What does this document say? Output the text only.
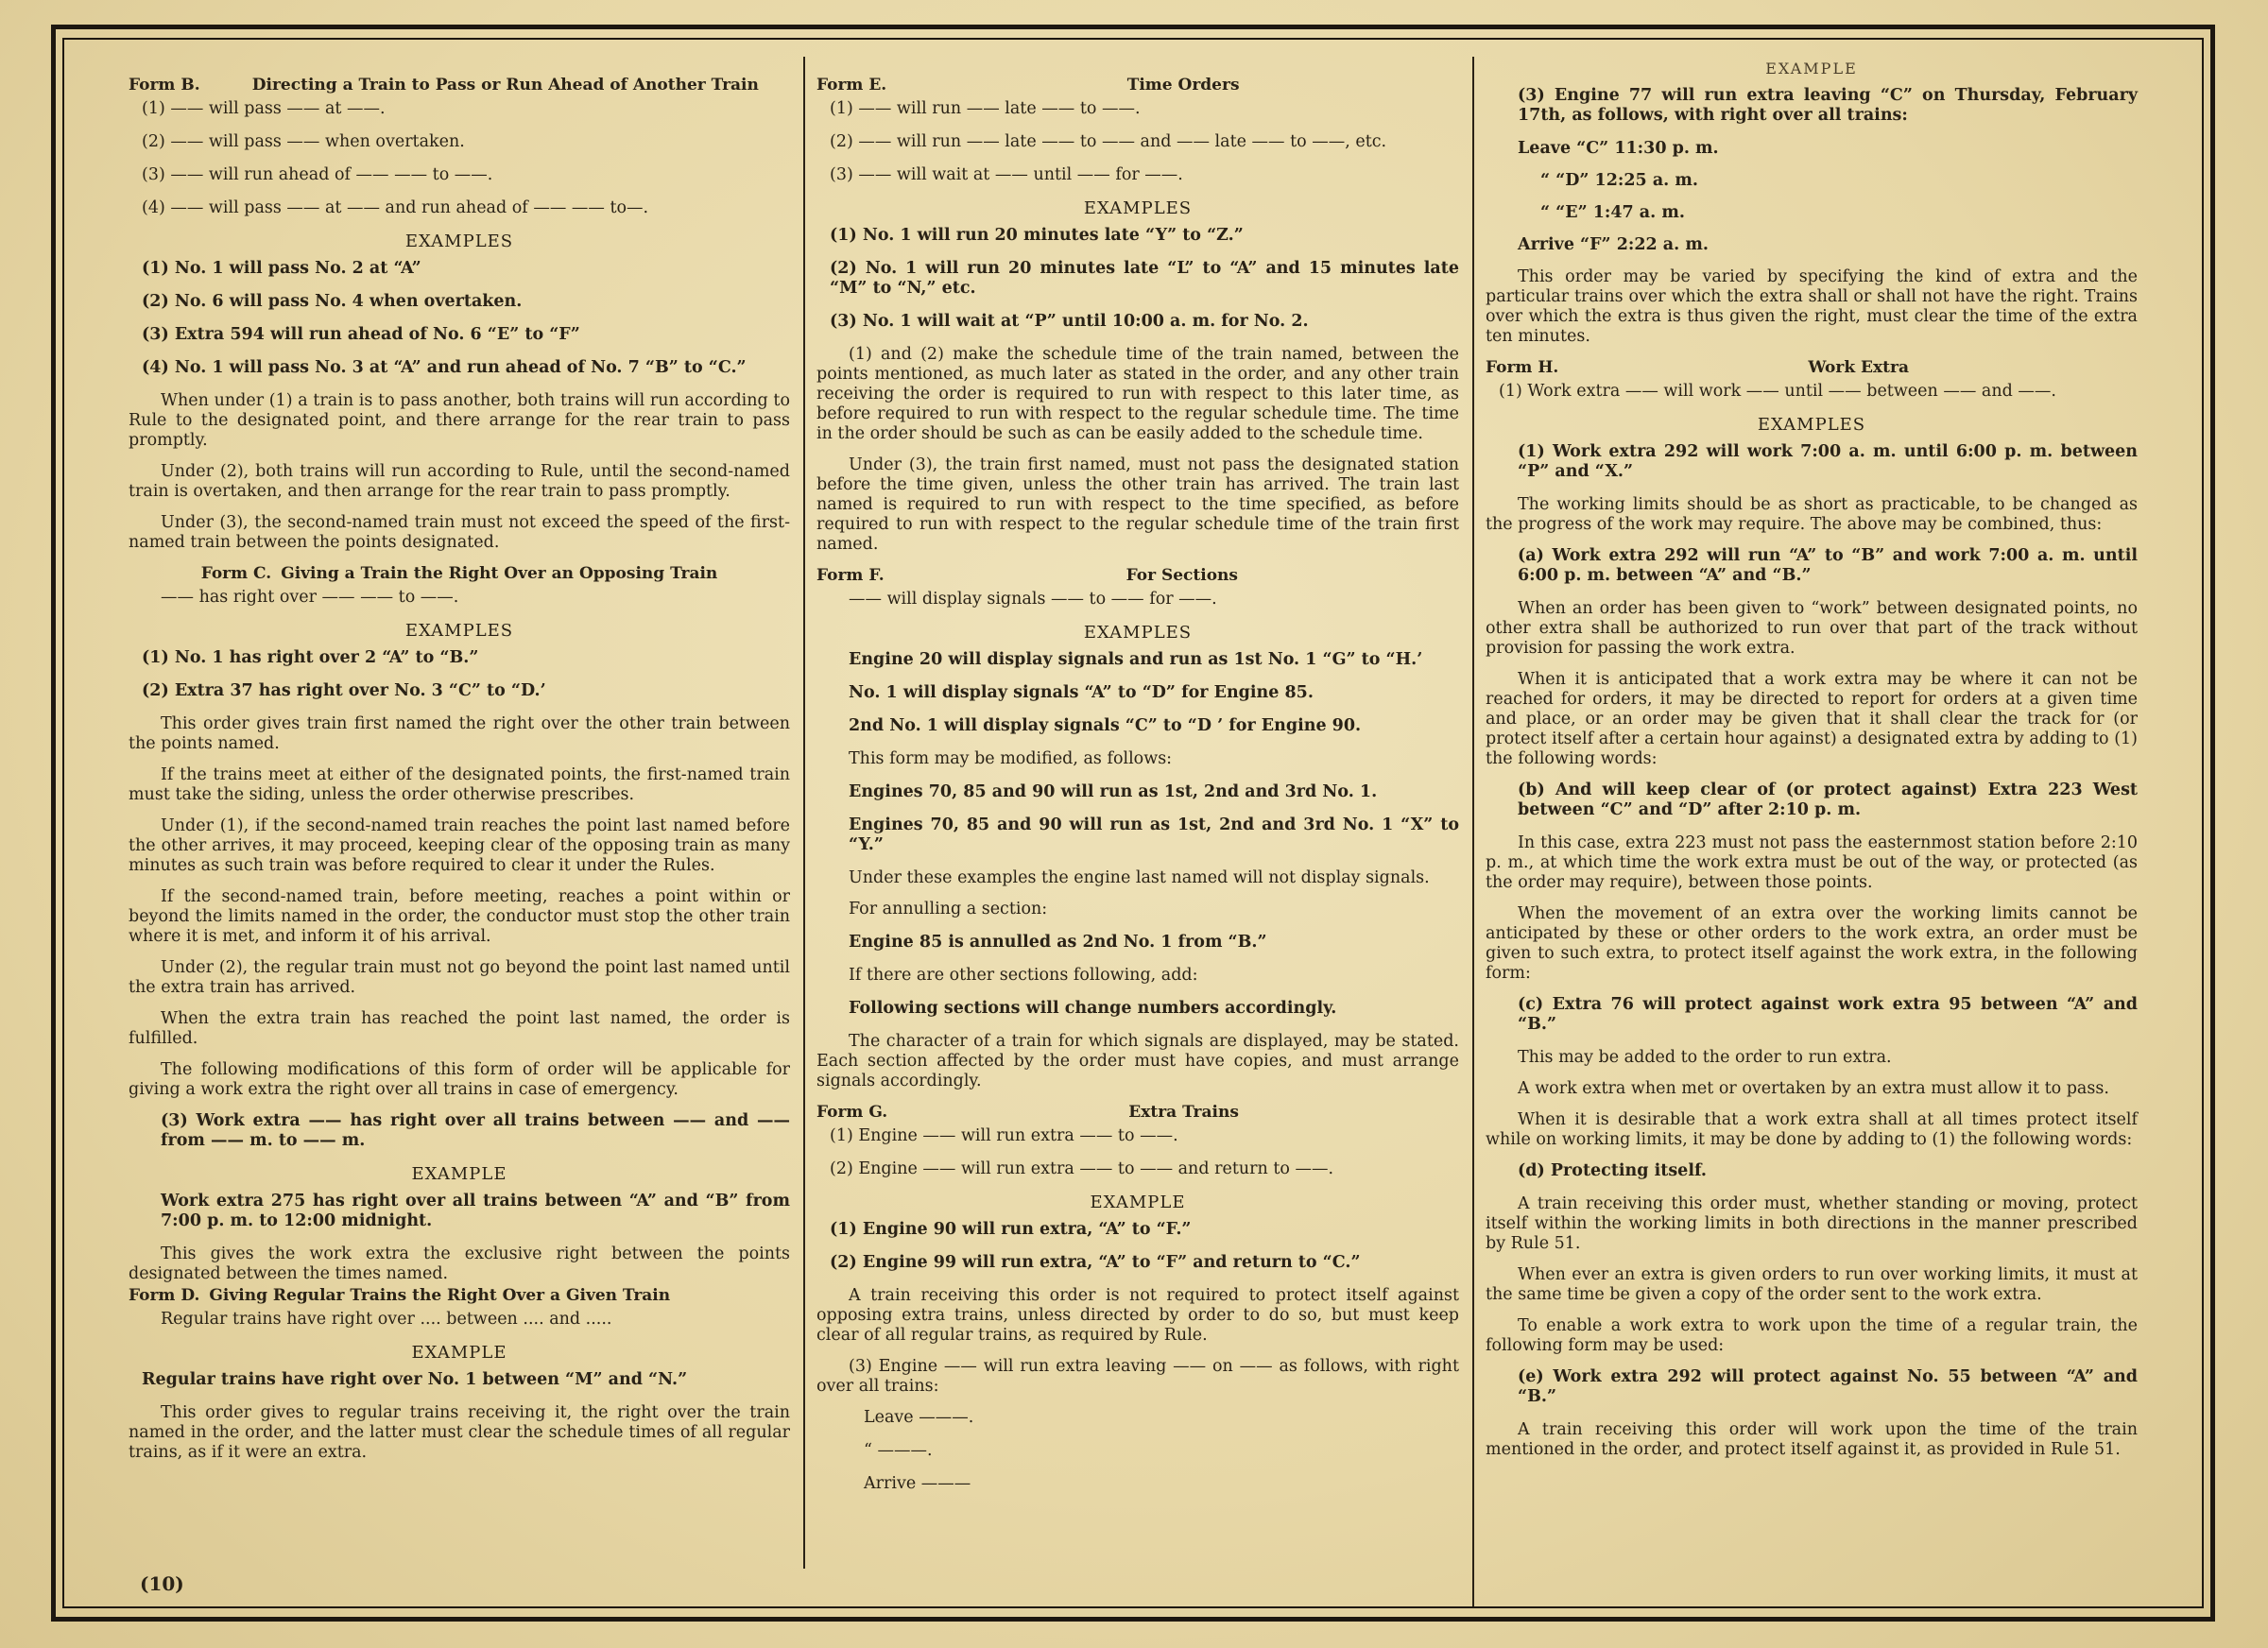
Form B.	Directing a Train to Pass or Run Ahead of Another Train
(1) —— will pass —— at ——.
(2) —— will pass —— when overtaken.
(3) —— will run ahead of —— —— to ——.
(4) —— will pass —— at —— and run ahead of —— —— to—.
EXAMPLES
(1) No. 1 will pass No. 2 at “A”
(2) No. 6 will pass No. 4 when overtaken.
(3) Extra 594 will run ahead of No. 6 “E” to “F”
(4) No. 1 will pass No. 3 at “A” and run ahead of No. 7 “B” to “C.”
When under (1) a train is to pass another, both trains will run according to Rule to the designated point, and there arrange for the rear train to pass promptly.
Under (2), both trains will run according to Rule, until the second-named train is overtaken, and then arrange for the rear train to pass promptly.
Under (3), the second-named train must not exceed the speed of the first-named train between the points designated.
Form C. Giving a Train the Right Over an Opposing Train
—— has right over —— —— to ——.
EXAMPLES
(1) No. 1 has right over 2 “A” to “B.”
(2) Extra 37 has right over No. 3 “C” to “D.’
This order gives train first named the right over the other train between the points named.
If the trains meet at either of the designated points, the first-named train must take the siding, unless the order otherwise prescribes.
Under (1), if the second-named train reaches the point last named before the other arrives, it may proceed, keeping clear of the opposing train as many minutes as such train was before required to clear it under the Rules.
If the second-named train, before meeting, reaches a point within or beyond the limits named in the order, the conductor must stop the other train where it is met, and inform it of his arrival.
Under (2), the regular train must not go beyond the point last named until the extra train has arrived.
When the extra train has reached the point last named, the order is fulfilled.
The following modifications of this form of order will be applicable for giving a work extra the right over all trains in case of emergency.
(3) Work extra —— has right over all trains between —— and —— from —— m. to —— m.
EXAMPLE
Work extra 275 has right over all trains between “A” and “B” from 7:00 p. m. to 12:00 midnight.
This gives the work extra the exclusive right between the points designated between the times named.
Form D. Giving Regular Trains the Right Over a Given Train
Regular trains have right over .... between .... and .....
EXAMPLE
Regular trains have right over No. 1 between “M” and “N.”
This order gives to regular trains receiving it, the right over the train named in the order, and the latter must clear the schedule times of all regular trains, as if it were an extra.
Form E.	Time Orders
(1) —— will run —— late —— to ——.
(2) —— will run —— late —— to —— and —— late —— to ——, etc.
(3) —— will wait at —— until —— for ——.
EXAMPLES
(1) No. 1 will run 20 minutes late “Y” to “Z.”
(2) No. 1 will run 20 minutes late “L” to “A” and 15 minutes late “M” to “N,” etc.
(3) No. 1 will wait at “P” until 10:00 a. m. for No. 2.
(1) and (2) make the schedule time of the train named, between the points mentioned, as much later as stated in the order, and any other train receiving the order is required to run with respect to this later time, as before required to run with respect to the regular schedule time. The time in the order should be such as can be easily added to the schedule time.
Under (3), the train first named, must not pass the designated station before the time given, unless the other train has arrived. The train last named is required to run with respect to the time specified, as before required to run with respect to the regular schedule time of the train first named.
Form F.	For Sections
—— will display signals —— to —— for ——.
EXAMPLES
Engine 20 will display signals and run as 1st No. 1 “G” to “H.’
No. 1 will display signals “A” to “D” for Engine 85.
2nd No. 1 will display signals “C” to “D ’ for Engine 90.
This form may be modified, as follows:
Engines 70, 85 and 90 will run as 1st, 2nd and 3rd No. 1.
Engines 70, 85 and 90 will run as 1st, 2nd and 3rd No. 1 “X” to “Y.”
Under these examples the engine last named will not display signals.
For annulling a section:
Engine 85 is annulled as 2nd No. 1 from “B.”
If there are other sections following, add:
Following sections will change numbers accordingly.
The character of a train for which signals are displayed, may be stated. Each section affected by the order must have copies, and must arrange signals accordingly.
Form G.	Extra Trains
(1) Engine —— will run extra —— to ——.
(2) Engine —— will run extra —— to —— and return to ——.
EXAMPLE
(1) Engine 90 will run extra, “A” to “F.”
(2) Engine 99 will run extra, “A” to “F” and return to “C.”
A train receiving this order is not required to protect itself against opposing extra trains, unless directed by order to do so, but must keep clear of all regular trains, as required by Rule.
(3) Engine —— will run extra leaving —— on —— as follows, with right over all trains:
Leave ———.
“ ———.
Arrive ———
EXAMPLE
(3) Engine 77 will run extra leaving “C” on Thursday, February 17th, as follows, with right over all trains:
Leave “C” 11:30 p. m.
“ “D” 12:25 a. m.
“ “E” 1:47 a. m.
Arrive “F” 2:22 a. m.
This order may be varied by specifying the kind of extra and the particular trains over which the extra shall or shall not have the right. Trains over which the extra is thus given the right, must clear the time of the extra ten minutes.
Form H.	Work Extra
(1) Work extra —— will work —— until —— between —— and ——.
EXAMPLES
(1) Work extra 292 will work 7:00 a. m. until 6:00 p. m. between “P” and “X.”
The working limits should be as short as practicable, to be changed as the progress of the work may require. The above may be combined, thus:
(a) Work extra 292 will run “A” to “B” and work 7:00 a. m. until 6:00 p. m. between “A” and “B.”
When an order has been given to “work” between designated points, no other extra shall be authorized to run over that part of the track without provision for passing the work extra.
When it is anticipated that a work extra may be where it can not be reached for orders, it may be directed to report for orders at a given time and place, or an order may be given that it shall clear the track for (or protect itself after a certain hour against) a designated extra by adding to (1) the following words:
(b) And will keep clear of (or protect against) Extra 223 West between “C” and “D” after 2:10 p. m.
In this case, extra 223 must not pass the easternmost station before 2:10 p. m., at which time the work extra must be out of the way, or protected (as the order may require), between those points.
When the movement of an extra over the working limits cannot be anticipated by these or other orders to the work extra, an order must be given to such extra, to protect itself against the work extra, in the following form:
(c) Extra 76 will protect against work extra 95 between “A” and “B.”
This may be added to the order to run extra.
A work extra when met or overtaken by an extra must allow it to pass.
When it is desirable that a work extra shall at all times protect itself while on working limits, it may be done by adding to (1) the following words:
(d) Protecting itself.
A train receiving this order must, whether standing or moving, protect itself within the working limits in both directions in the manner prescribed by Rule 51.
When ever an extra is given orders to run over working limits, it must at the same time be given a copy of the order sent to the work extra.
To enable a work extra to work upon the time of a regular train, the following form may be used:
(e) Work extra 292 will protect against No. 55 between “A” and “B.”
A train receiving this order will work upon the time of the train mentioned in the order, and protect itself against it, as provided in Rule 51.
(10)
